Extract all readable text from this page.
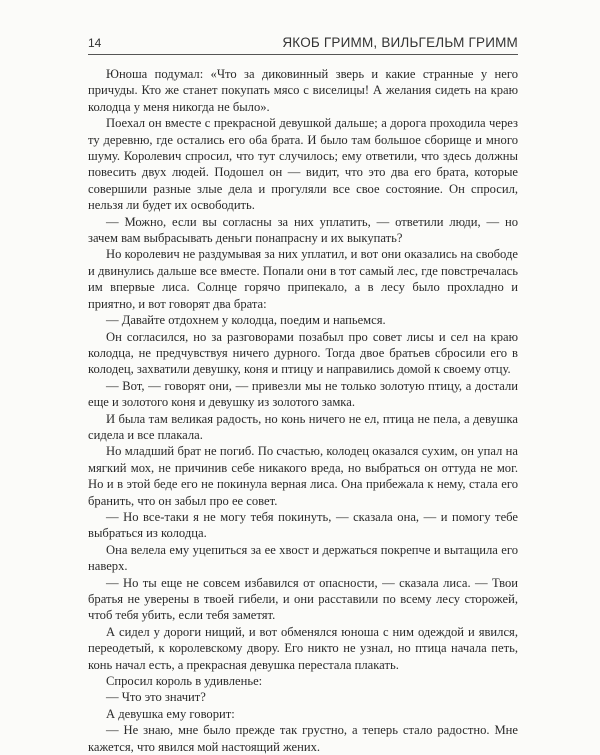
14	ЯКОБ ГРИММ, ВИЛЬГЕЛЬМ ГРИММ

Юноша подумал: «Что за диковинный зверь и какие странные у него причуды. Кто же станет покупать мясо с виселицы! А желания сидеть на краю колодца у меня никогда не было».

Поехал он вместе с прекрасной девушкой дальше; а дорога проходила через ту деревню, где остались его оба брата. И было там большое сборище и много шуму. Королевич спросил, что тут случилось; ему ответили, что здесь должны повесить двух людей. Подошел он — видит, что это два его брата, которые совершили разные злые дела и прогуляли все свое состояние. Он спросил, нельзя ли будет их освободить.

— Можно, если вы согласны за них уплатить, — ответили люди, — но зачем вам выбрасывать деньги понапрасну и их выкупать?

Но королевич не раздумывая за них уплатил, и вот они оказались на свободе и двинулись дальше все вместе. Попали они в тот самый лес, где повстречалась им впервые лиса. Солнце горячо припекало, а в лесу было прохладно и приятно, и вот говорят два брата:

— Давайте отдохнем у колодца, поедим и напьемся.

Он согласился, но за разговорами позабыл про совет лисы и сел на краю колодца, не предчувствуя ничего дурного. Тогда двое братьев сбросили его в колодец, захватили девушку, коня и птицу и направились домой к своему отцу.

— Вот, — говорят они, — привезли мы не только золотую птицу, а достали еще и золотого коня и девушку из золотого замка.

И была там великая радость, но конь ничего не ел, птица не пела, а девушка сидела и все плакала.

Но младший брат не погиб. По счастью, колодец оказался сухим, он упал на мягкий мох, не причинив себе никакого вреда, но выбраться он оттуда не мог. Но и в этой беде его не покинула верная лиса. Она прибежала к нему, стала его бранить, что он забыл про ее совет.

— Но все-таки я не могу тебя покинуть, — сказала она, — и помогу тебе выбраться из колодца.

Она велела ему уцепиться за ее хвост и держаться покрепче и вытащила его наверх.

— Но ты еще не совсем избавился от опасности, — сказала лиса. — Твои братья не уверены в твоей гибели, и они расставили по всему лесу сторожей, чтоб тебя убить, если тебя заметят.

А сидел у дороги нищий, и вот обменялся юноша с ним одеждой и явился, переодетый, к королевскому двору. Его никто не узнал, но птица начала петь, конь начал есть, а прекрасная девушка перестала плакать.

Спросил король в удивленье:

— Что это значит?

А девушка ему говорит:

— Не знаю, мне было прежде так грустно, а теперь стало радостно. Мне кажется, что явился мой настоящий жених.
